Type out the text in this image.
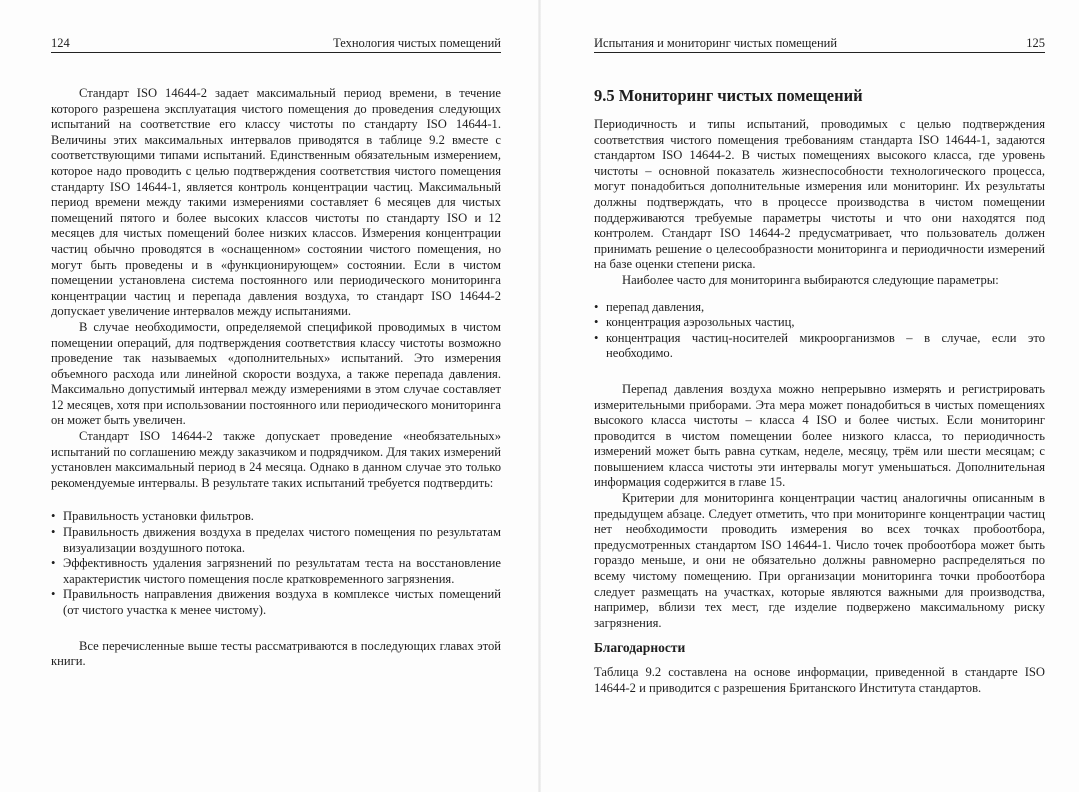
124	Технология чистых помещений

Стандарт ISO 14644-2 задает максимальный период времени, в течение которого разрешена эксплуатация чистого помещения до проведения следующих испытаний на соответствие его классу чистоты по стандарту ISO 14644-1. Величины этих максимальных интервалов приводятся в таблице 9.2 вместе с соответствующими типами испытаний. Единственным обязательным измерением, которое надо проводить с целью подтверждения соответствия чистого помещения стандарту ISO 14644-1, является контроль концентрации частиц. Максимальный период времени между такими измерениями составляет 6 месяцев для чистых помещений пятого и более высоких классов чистоты по стандарту ISO и 12 месяцев для чистых помещений более низких классов. Измерения концентрации частиц обычно проводятся в «оснащенном» состоянии чистого помещения, но могут быть проведены и в «функционирующем» состоянии. Если в чистом помещении установлена система постоянного или периодического мониторинга концентрации частиц и перепада давления воздуха, то стандарт ISO 14644-2 допускает увеличение интервалов между испытаниями.

В случае необходимости, определяемой спецификой проводимых в чистом помещении операций, для подтверждения соответствия классу чистоты возможно проведение так называемых «дополнительных» испытаний. Это измерения объемного расхода или линейной скорости воздуха, а также перепада давления. Максимально допустимый интервал между измерениями в этом случае составляет 12 месяцев, хотя при использовании постоянного или периодического мониторинга он может быть увеличен.

Стандарт ISO 14644-2 также допускает проведение «необязательных» испытаний по соглашению между заказчиком и подрядчиком. Для таких измерений установлен максимальный период в 24 месяца. Однако в данном случае это только рекомендуемые интервалы. В результате таких испытаний требуется подтвердить:

• Правильность установки фильтров.
• Правильность движения воздуха в пределах чистого помещения по результатам визуализации воздушного потока.
• Эффективность удаления загрязнений по результатам теста на восстановление характеристик чистого помещения после кратковременного загрязнения.
• Правильность направления движения воздуха в комплексе чистых помещений (от чистого участка к менее чистому).

Все перечисленные выше тесты рассматриваются в последующих главах этой книги.

Испытания и мониторинг чистых помещений	125
9.5 Мониторинг чистых помещений

Периодичность и типы испытаний, проводимых с целью подтверждения соответствия чистого помещения требованиям стандарта ISO 14644-1, задаются стандартом ISO 14644-2. В чистых помещениях высокого класса, где уровень чистоты – основной показатель жизнеспособности технологического процесса, могут понадобиться дополнительные измерения или мониторинг. Их результаты должны подтверждать, что в процессе производства в чистом помещении поддерживаются требуемые параметры чистоты и что они находятся под контролем. Стандарт ISO 14644-2 предусматривает, что пользователь должен принимать решение о целесообразности мониторинга и периодичности измерений на базе оценки степени риска.

Наиболее часто для мониторинга выбираются следующие параметры:

• перепад давления,
• концентрация аэрозольных частиц,
• концентрация частиц-носителей микроорганизмов – в случае, если это необходимо.

Перепад давления воздуха можно непрерывно измерять и регистрировать измерительными приборами. Эта мера может понадобиться в чистых помещениях высокого класса чистоты – класса 4 ISO и более чистых. Если мониторинг проводится в чистом помещении более низкого класса, то периодичность измерений может быть равна суткам, неделе, месяцу, трём или шести месяцам; с повышением класса чистоты эти интервалы могут уменьшаться. Дополнительная информация содержится в главе 15.

Критерии для мониторинга концентрации частиц аналогичны описанным в предыдущем абзаце. Следует отметить, что при мониторинге концентрации частиц нет необходимости проводить измерения во всех точках пробоотбора, предусмотренных стандартом ISO 14644-1. Число точек пробоотбора может быть гораздо меньше, и они не обязательно должны равномерно распределяться по всему чистому помещению. При организации мониторинга точки пробоотбора следует размещать на участках, которые являются важными для производства, например, вблизи тех мест, где изделие подвержено максимальному риску загрязнения.

Благодарности

Таблица 9.2 составлена на основе информации, приведенной в стандарте ISO 14644-2 и приводится с разрешения Британского Института стандартов.
